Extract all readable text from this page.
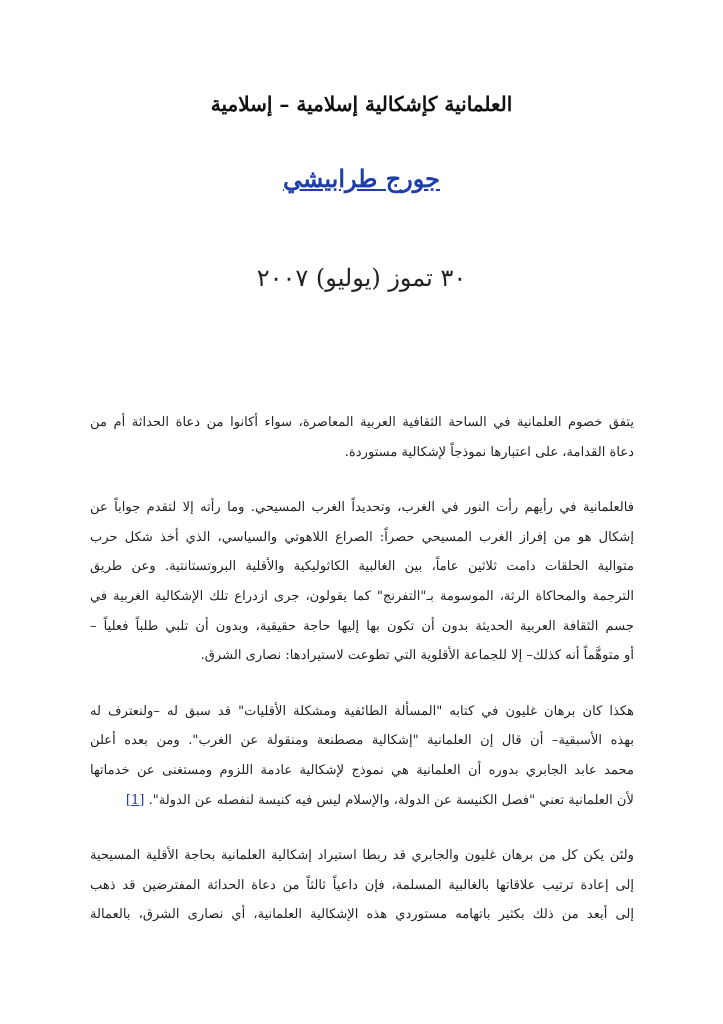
العلمانية كإشكالية إسلامية – إسلامية
جورج طرابيشي
٣٠ تموز (يوليو) ٢٠٠٧
يتفق خصوم العلمانية في الساحة الثقافية العربية المعاصرة، سواء أكانوا من دعاة الحداثة أم من
دعاة القدامة، على اعتبارها نموذجاً لإشكالية مستوردة.
فالعلمانية في رأيهم رأت النور في الغرب، وتحديداً الغرب المسيحي. وما رأته إلا لتقدم جواباً عن
إشكال هو من إفراز الغرب المسيحي حصراً: الصراع اللاهوتي والسياسي، الذي أخذ شكل حرب
متوالية الحلقات دامت ثلاثين عاماً، بين الغالبية الكاثوليكية والأقلية البروتستانتية. وعن طريق
الترجمة والمحاكاة الرثة، الموسومة بـ"التفرنج" كما يقولون، جرى ازدراع تلك الإشكالية الغربية في
جسم الثقافة العربية الحديثة بدون أن تكون بها إليها حاجة حقيقية، وبدون أن تلبي طلباً فعلياً –
أو متوهَّماً أنه كذلك– إلا للجماعة الأقلوية التي تطوعت لاستيرادها: نصارى الشرق.
هكذا كان برهان غليون في كتابه "المسألة الطائفية ومشكلة الأقليات" قد سبق له –ولنعترف له
بهذه الأسبقية– أن قال إن العلمانية "إشكالية مصطنعة ومنقولة عن الغرب". ومن بعده أعلن
محمد عابد الجابري بدوره أن العلمانية هي نموذج لإشكالية عادمة اللزوم ومستغنى عن خدماتها
لأن العلمانية تعني "فصل الكنيسة عن الدولة، والإسلام ليس فيه كنيسة لنفصله عن الدولة". [1]
ولئن يكن كل من برهان غليون والجابري قد ربطا استيراد إشكالية العلمانية بحاجة الأقلية المسيحية
إلى إعادة ترتيب علاقاتها بالغالبية المسلمة، فإن داعياً ثالثاً من دعاة الحداثة المفترضين قد ذهب
إلى أبعد من ذلك بكثير باتهامه مستوردي هذه الإشكالية العلمانية، أي نصارى الشرق، بالعمالة
